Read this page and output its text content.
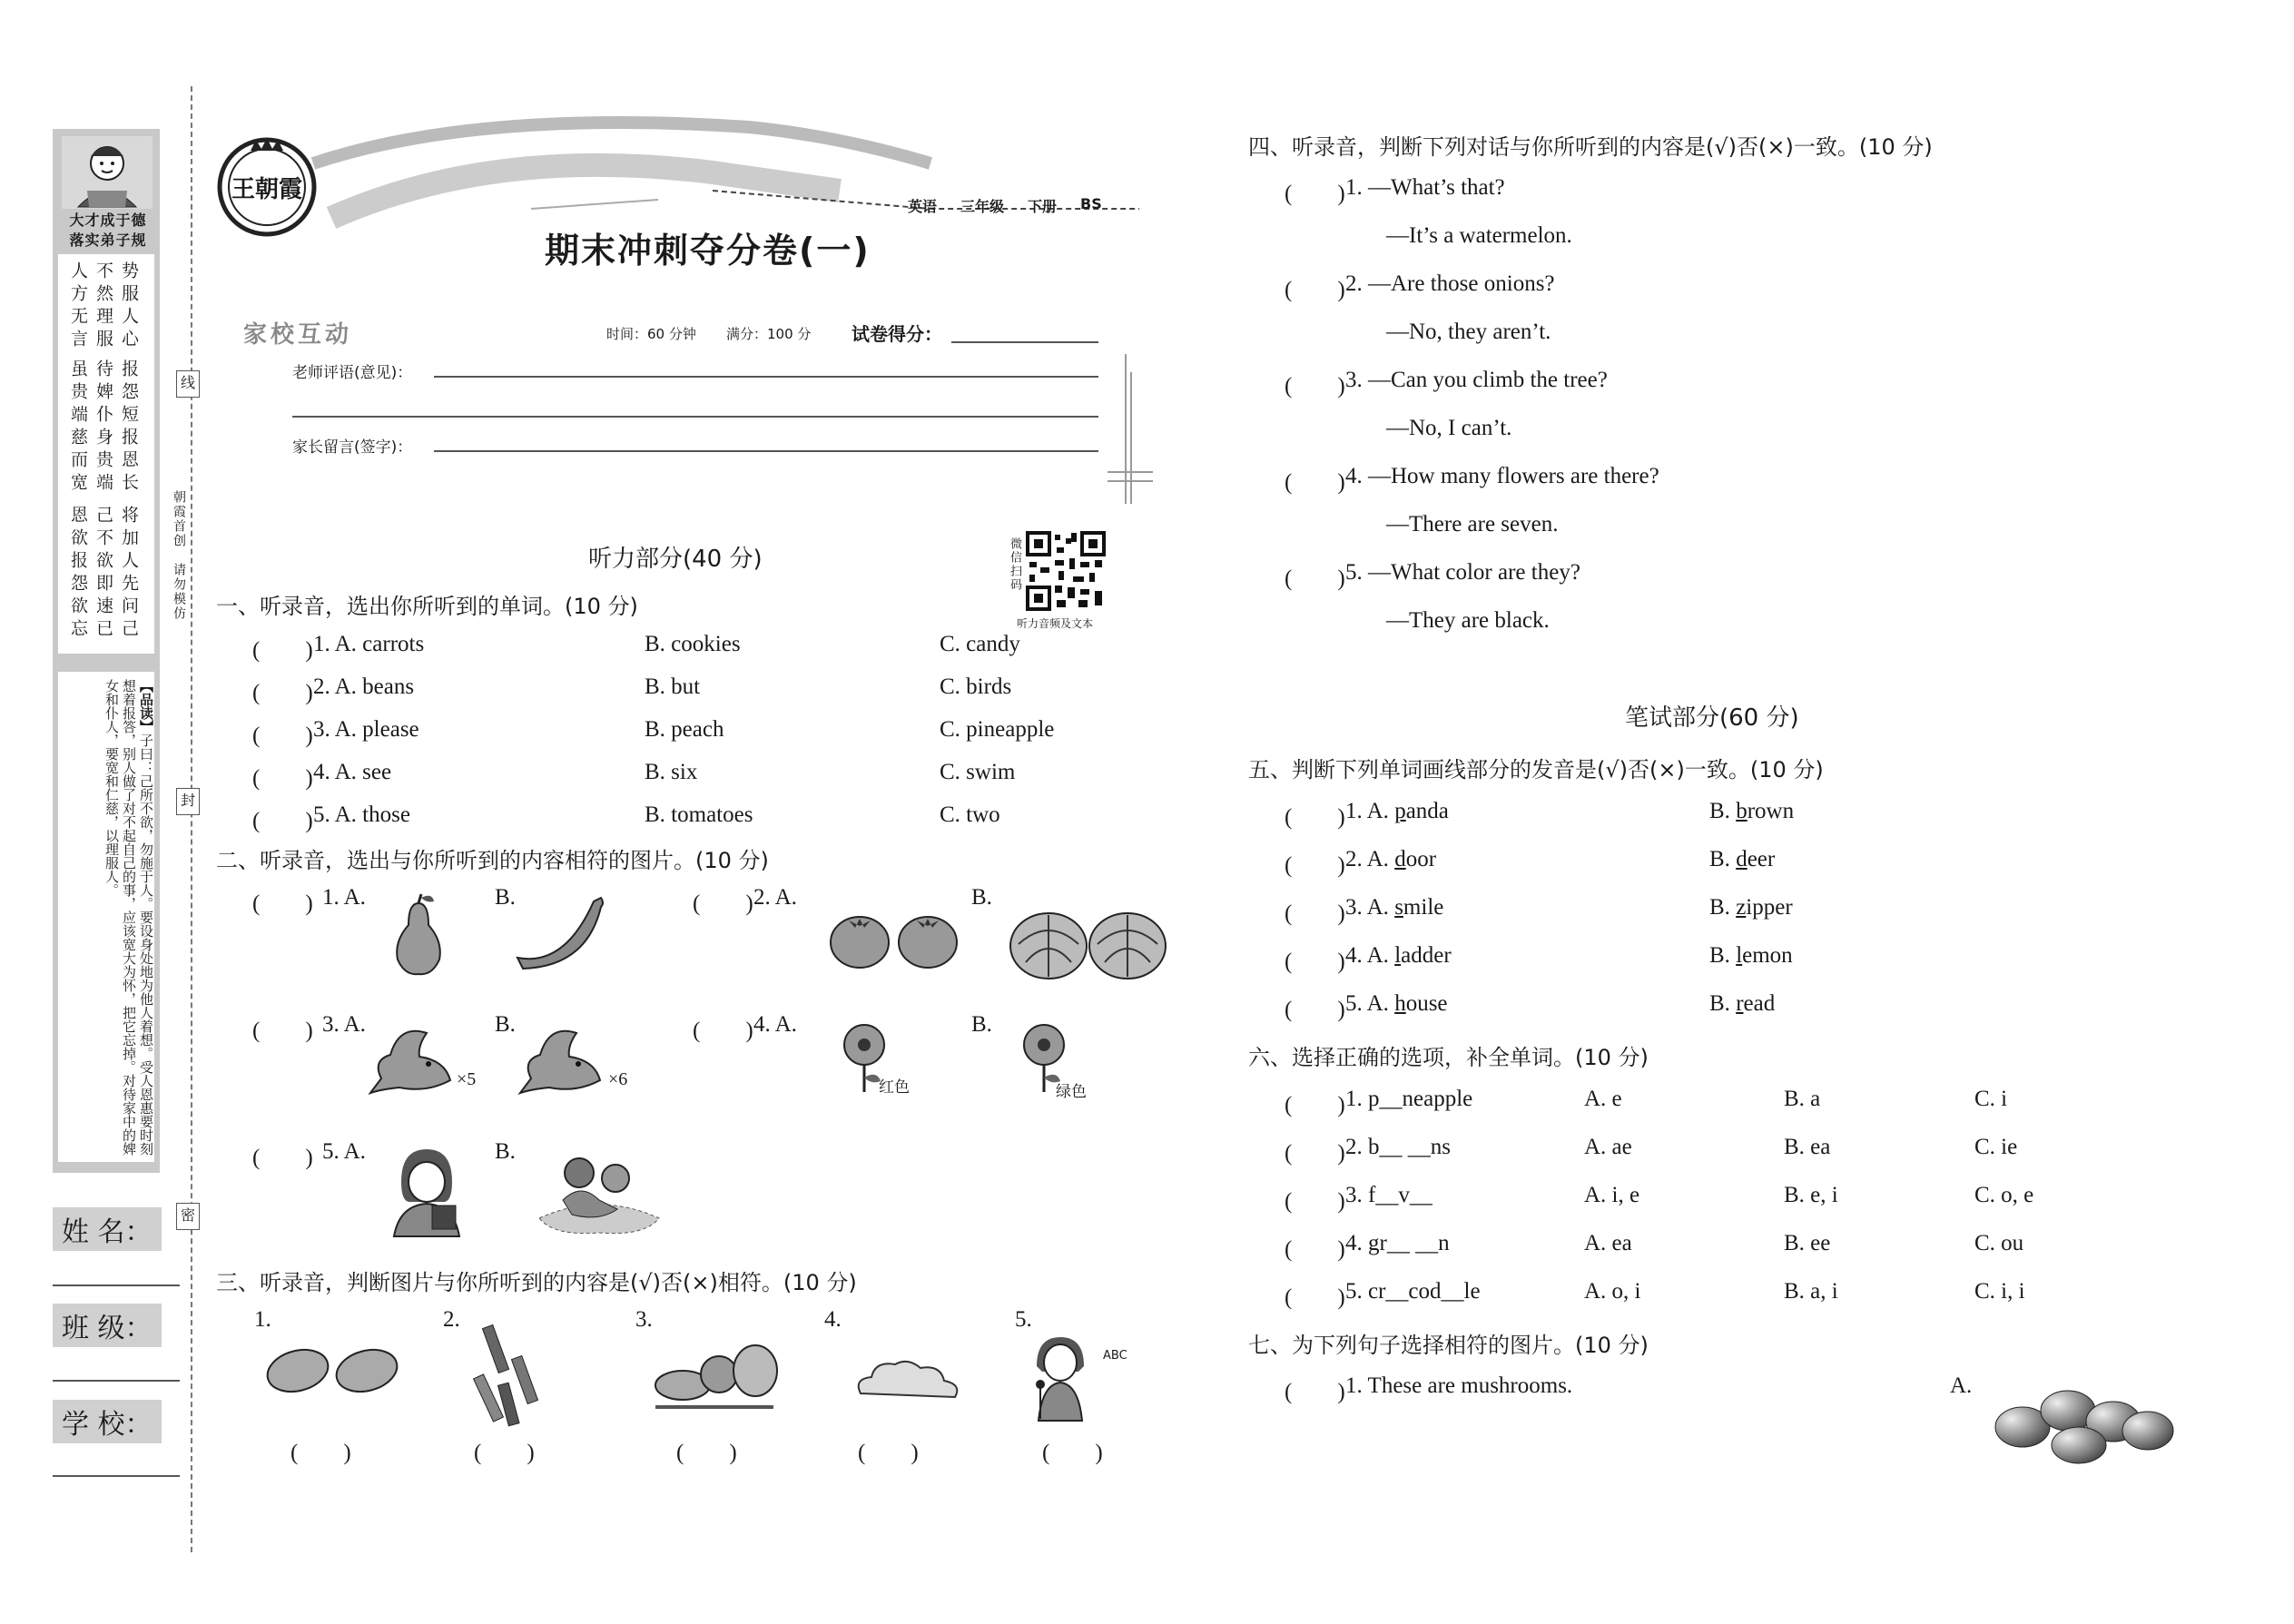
大才成于德
落实弟子规
将加人先问己己不欲即速已恩欲报怨欲忘
报怨短报恩长待婢仆身贵端虽贵端慈而宽
势服人心不然理服人方无言
【品读】子曰：己所不欲，勿施于人。要设身处地为他人着想。受人恩惠要时刻想着报答，别人做了对不起自己的事，应该宽大为怀，把它忘掉。对待家中的婢女和仆人，要宽和仁慈，以理服人。
朝霞首创　请勿模仿
线
封
密
姓 名：
班 级：
学 校：
王朝霞
期末冲刺夺分卷(一)
英语 三年级 下册 BS
家校互动	时间：60 分钟 满分：100 分 试卷得分：
老师评语(意见)：
家长留言(签字)：
微信扫码
听力音频及文本
听力部分(40 分)
一、听录音，选出你所听到的单词。(10 分)
(　　) 1. A. carrots	B. cookies	C. candy
(　　) 2. A. beans	B. but	C. birds
(　　) 3. A. please	B. peach	C. pineapple
(　　) 4. A. see	B. six	C. swim
(　　) 5. A. those	B. tomatoes	C. two
二、听录音，选出与你所听到的内容相符的图片。(10 分)
(　　) 1. A.	B.	(　　) 2. A.	B.
(　　) 3. A.
×5
B.
×6
(　　) 4. A.
红色
B.
绿色
(　　) 5. A.	B.
三、听录音，判断图片与你所听到的内容是(√)否(×)相符。(10 分)
1.
(　　)
2.
(　　)
3.
(　　)
4.
(　　)
5.
ABC
(　　)
四、听录音，判断下列对话与你所听到的内容是(√)否(×)一致。(10 分)
(　　) 1. —What’s that?
—It’s a watermelon.
(　　) 2. —Are those onions?
—No, they aren’t.
(　　) 3. —Can you climb the tree?
—No, I can’t.
(　　) 4. —How many flowers are there?
—There are seven.
(　　) 5. —What color are they?
—They are black.
笔试部分(60 分)
五、判断下列单词画线部分的发音是(√)否(×)一致。(10 分)
(　　) 1. A. panda	B. brown
(　　) 2. A. door	B. deer
(　　) 3. A. smile	B. zipper
(　　) 4. A. ladder	B. lemon
(　　) 5. A. house	B. read
六、选择正确的选项，补全单词。(10 分)
(　　) 1. p__neapple	A. e	B. a	C. i
(　　) 2. b__ __ns	A. ae	B. ea	C. ie
(　　) 3. f__v__	A. i, e	B. e, i	C. o, e
(　　) 4. gr__ __n	A. ea	B. ee	C. ou
(　　) 5. cr__cod__le	A. o, i	B. a, i	C. i, i
七、为下列句子选择相符的图片。(10 分)
(　　) 1. These are mushrooms.	A.
